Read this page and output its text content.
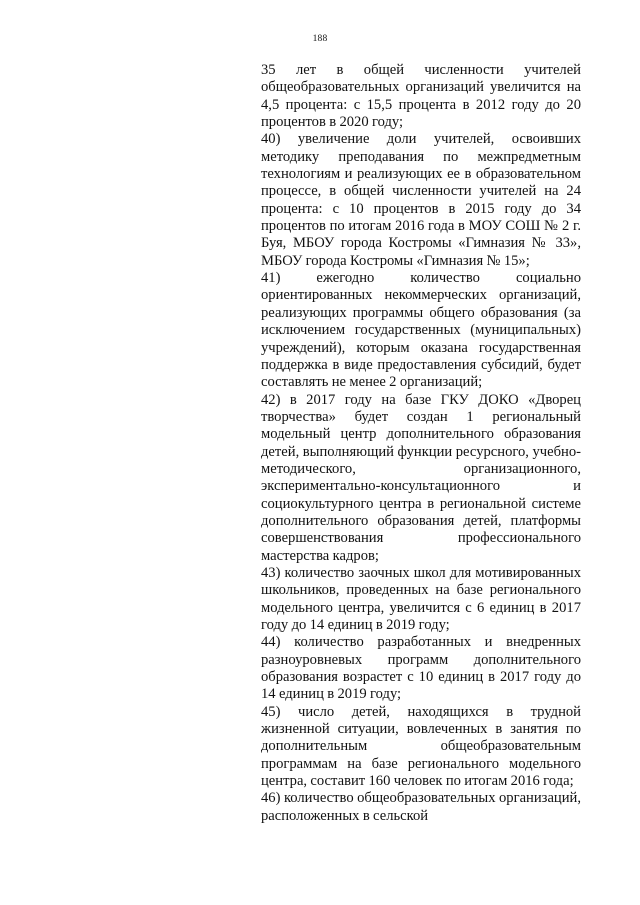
188

35 лет в общей численности учителей общеобразовательных организаций увеличится на 4,5 процента: с 15,5 процента в 2012 году до 20 процентов в 2020 году;

40) увеличение доли учителей, освоивших методику преподавания по межпредметным технологиям и реализующих ее в образовательном процессе, в общей численности учителей на 24 процента: с 10 процентов в 2015 году до 34 процентов по итогам 2016 года в МОУ СОШ № 2 г. Буя, МБОУ города Костромы «Гимназия № 33», МБОУ города Костромы «Гимназия № 15»;

41) ежегодно количество социально ориентированных некоммерческих организаций, реализующих программы общего образования (за исключением государственных (муниципальных) учреждений), которым оказана государственная поддержка в виде предоставления субсидий, будет составлять не менее 2 организаций;

42) в 2017 году на базе ГКУ ДОКО «Дворец творчества» будет создан 1 региональный модельный центр дополнительного образования детей, выполняющий функции ресурсного, учебно-методического, организационного, экспериментально-консультационного и социокультурного центра в региональной системе дополнительного образования детей, платформы совершенствования профессионального мастерства кадров;

43) количество заочных школ для мотивированных школьников, проведенных на базе регионального модельного центра, увеличится с 6 единиц в 2017 году до 14 единиц в 2019 году;

44) количество разработанных и внедренных разноуровневых программ дополнительного образования возрастет с 10 единиц в 2017 году до 14 единиц в 2019 году;

45) число детей, находящихся в трудной жизненной ситуации, вовлеченных в занятия по дополнительным общеобразовательным программам на базе регионального модельного центра, составит 160 человек по итогам 2016 года;

46) количество общеобразовательных организаций, расположенных в сельской
